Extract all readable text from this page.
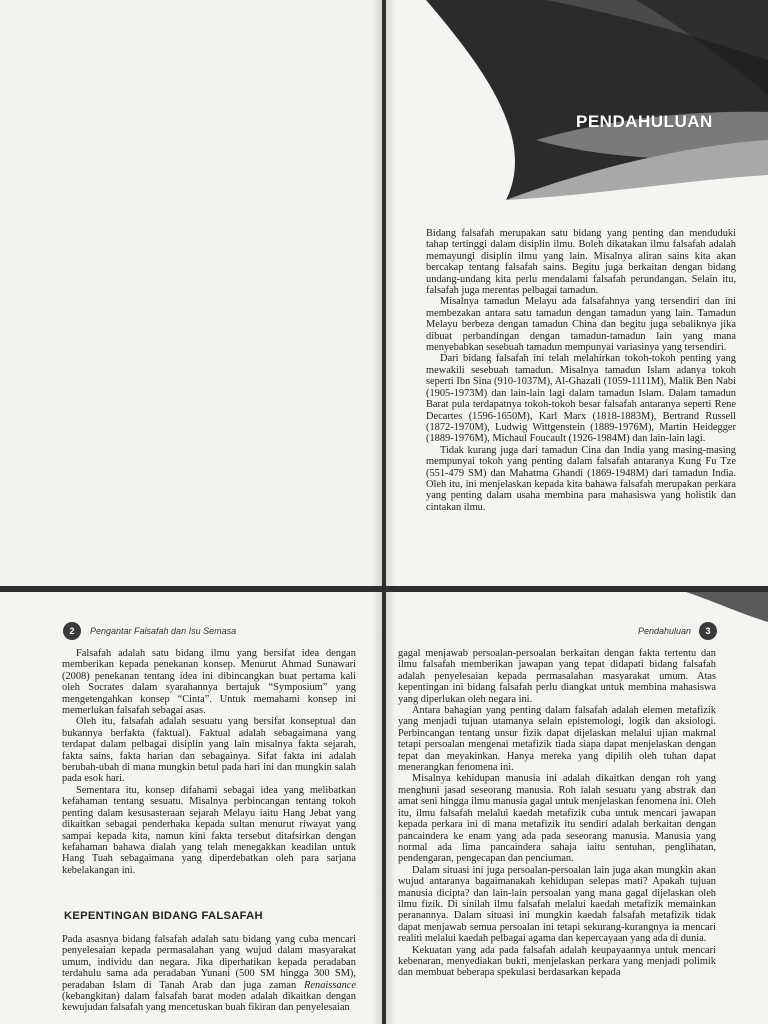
PENDAHULUAN

Bidang falsafah merupakan satu bidang yang penting dan menduduki tahap tertinggi dalam disiplin ilmu. Boleh dikatakan ilmu falsafah adalah memayungi disiplin ilmu yang lain. Misalnya aliran sains kita akan bercakap tentang falsafah sains. Begitu juga berkaitan dengan bidang undang-undang kita perlu mendalami falsafah perundangan. Selain itu, falsafah juga merentas pelbagai tamadun.

Misalnya tamadun Melayu ada falsafahnya yang tersendiri dan ini membezakan antara satu tamadun dengan tamadun yang lain. Tamadun Melayu berbeza dengan tamadun China dan begitu juga sebaliknya jika dibuat perbandingan dengan tamadun-tamadun lain yang mana menyebabkan sesebuah tamadun mempunyai variasinya yang tersendiri.

Dari bidang falsafah ini telah melahirkan tokoh-tokoh penting yang mewakili sesebuah tamadun. Misalnya tamadun Islam adanya tokoh seperti Ibn Sina (910-1037M), Al-Ghazali (1059-1111M), Malik Ben Nabi (1905-1973M) dan lain-lain lagi dalam tamadun Islam. Dalam tamadun Barat pula terdapatnya tokoh-tokoh besar falsafah antaranya seperti Rene Decartes (1596-1650M), Karl Marx (1818-1883M), Bertrand Russell (1872-1970M), Ludwig Wittgenstein (1889-1976M), Martin Heidegger (1889-1976M), Michaul Foucault (1926-1984M) dan lain-lain lagi.

Tidak kurang juga dari tamadun Cina dan India yang masing-masing mempunyai tokoh yang penting dalam falsafah antaranya Kung Fu Tze (551-479 SM) dan Mahatma Ghandi (1869-1948M) dari tamadun India. Oleh itu, ini menjelaskan kepada kita bahawa falsafah merupakan perkara yang penting dalam usaha membina para mahasiswa yang holistik dan cintakan ilmu.

2	Pengantar Falsafah dan Isu Semasa

Falsafah adalah satu bidang ilmu yang bersifat idea dengan memberikan kepada penekanan konsep. Menurut Ahmad Sunawari (2008) penekanan tentang idea ini dibincangkan buat pertama kali oleh Socrates dalam syarahannya bertajuk “Symposium” yang mengetengahkan konsep “Cinta”. Untuk memahami konsep ini memerlukan falsafah sebagai asas.

Oleh itu, falsafah adalah sesuatu yang bersifat konseptual dan bukannya berfakta (faktual). Faktual adalah sebagaimana yang terdapat dalam pelbagai disiplin yang lain misalnya fakta sejarah, fakta sains, fakta harian dan sebagainya. Sifat fakta ini adalah berubah-ubah di mana mungkin betul pada hari ini dan mungkin salah pada esok hari.

Sementara itu, konsep difahami sebagai idea yang melibatkan kefahaman tentang sesuatu. Misalnya perbincangan tentang tokoh penting dalam kesusasteraan sejarah Melayu iaitu Hang Jebat yang dikaitkan sebagai penderhaka kepada sultan menurut riwayat yang sampai kepada kita, namun kini fakta tersebut ditafsirkan dengan kefahaman bahawa dialah yang telah menegakkan keadilan untuk Hang Tuah sebagaimana yang diperdebatkan oleh para sarjana kebelakangan ini.

KEPENTINGAN BIDANG FALSAFAH

Pada asasnya bidang falsafah adalah satu bidang yang cuba mencari penyelesaian kepada permasalahan yang wujud dalam masyarakat umum, individu dan negara. Jika diperhatikan kepada peradaban terdahulu sama ada peradaban Yunani (500 SM hingga 300 SM), peradaban Islam di Tanah Arab dan juga zaman Renaissance (kebangkitan) dalam falsafah barat moden adalah dikaitkan dengan kewujudan falsafah yang mencetuskan buah fikiran dan penyelesaian

Pendahuluan	3

gagal menjawab persoalan-persoalan berkaitan dengan fakta tertentu dan ilmu falsafah memberikan jawapan yang tepat didapati bidang falsafah adalah penyelesaian kepada permasalahan masyarakat umum. Atas kepentingan ini bidang falsafah perlu diangkat untuk membina mahasiswa yang diperlukan oleh negara ini.

Antara bahagian yang penting dalam falsafah adalah elemen metafizik yang menjadi tujuan utamanya selain epistemologi, logik dan aksiologi. Perbincangan tentang unsur fizik dapat dijelaskan melalui ujian makmal tetapi persoalan mengenai metafizik tiada siapa dapat menjelaskan dengan tepat dan meyakinkan. Hanya mereka yang dipilih oleh tuhan dapat menerangkan fenomena ini.

Misalnya kehidupan manusia ini adalah dikaitkan dengan roh yang menghuni jasad seseorang manusia. Roh ialah sesuatu yang abstrak dan amat seni hingga ilmu manusia gagal untuk menjelaskan fenomena ini. Oleh itu, ilmu falsafah melalui kaedah metafizik cuba untuk mencari jawapan kepada perkara ini di mana metafizik itu sendiri adalah berkaitan dengan pancaindera ke enam yang ada pada seseorang manusia. Manusia yang normal ada lima pancaindera sahaja iaitu sentuhan, penglihatan, pendengaran, pengecapan dan penciuman.

Dalam situasi ini juga persoalan-persoalan lain juga akan mungkin akan wujud antaranya bagaimanakah kehidupan selepas mati? Apakah tujuan manusia dicipta? dan lain-lain persoalan yang mana gagal dijelaskan oleh ilmu fizik. Di sinilah ilmu falsafah melalui kaedah metafizik memainkan peranannya. Dalam situasi ini mungkin kaedah falsafah metafizik tidak dapat menjawab semua persoalan ini tetapi sekurang-kurangnya ia mencari realiti melalui kaedah pelbagai agama dan kepercayaan yang ada di dunia.

Kekuatan yang ada pada falsafah adalah keupayaannya untuk mencari kebenaran, menyediakan bukti, menjelaskan perkara yang menjadi polimik dan membuat beberapa spekulasi berdasarkan kepada
